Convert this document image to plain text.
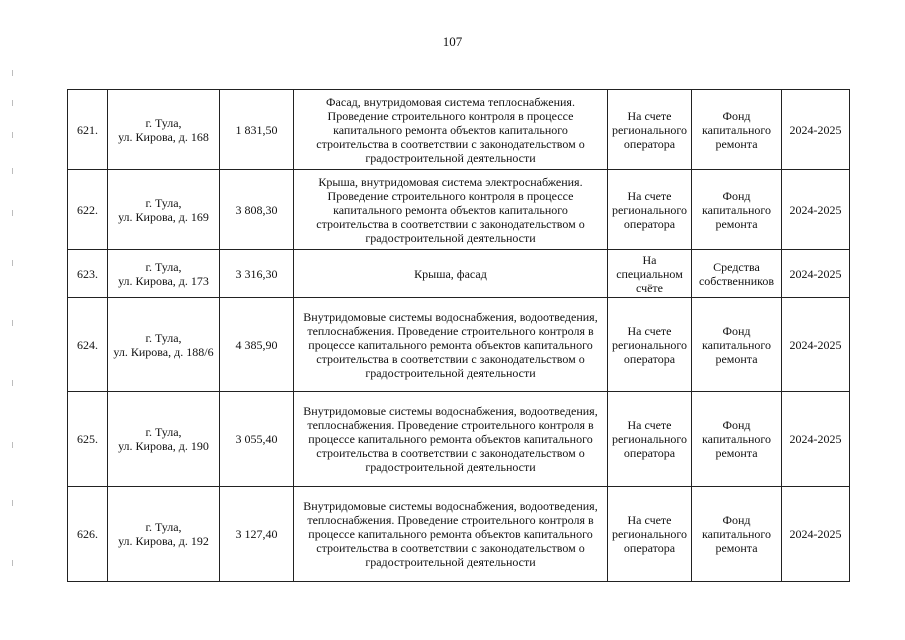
107
621.	г. Тула,
ул. Кирова, д. 168	1 831,50	Фасад, внутридомовая система теплоснабжения. Проведение строительного контроля в процессе капитального ремонта объектов капитального строительства в соответствии с законодательством о градостроительной деятельности	На счете регионального оператора	Фонд капитального ремонта	2024-2025
622.	г. Тула,
ул. Кирова, д. 169	3 808,30	Крыша, внутридомовая система электроснабжения. Проведение строительного контроля в процессе капитального ремонта объектов капитального строительства в соответствии с законодательством о градостроительной деятельности	На счете регионального оператора	Фонд капитального ремонта	2024-2025
623.	г. Тула,
ул. Кирова, д. 173	3 316,30	Крыша, фасад	На специальном счёте	Средства собственников	2024-2025
624.	г. Тула,
ул. Кирова, д. 188/6	4 385,90	Внутридомовые системы водоснабжения, водоотведения, теплоснабжения. Проведение строительного контроля в процессе капитального ремонта объектов капитального строительства в соответствии с законодательством о градостроительной деятельности	На счете регионального оператора	Фонд капитального ремонта	2024-2025
625.	г. Тула,
ул. Кирова, д. 190	3 055,40	Внутридомовые системы водоснабжения, водоотведения, теплоснабжения. Проведение строительного контроля в процессе капитального ремонта объектов капитального строительства в соответствии с законодательством о градостроительной деятельности	На счете регионального оператора	Фонд капитального ремонта	2024-2025
626.	г. Тула,
ул. Кирова, д. 192	3 127,40	Внутридомовые системы водоснабжения, водоотведения, теплоснабжения. Проведение строительного контроля в процессе капитального ремонта объектов капитального строительства в соответствии с законодательством о градостроительной деятельности	На счете регионального оператора	Фонд капитального ремонта	2024-2025
